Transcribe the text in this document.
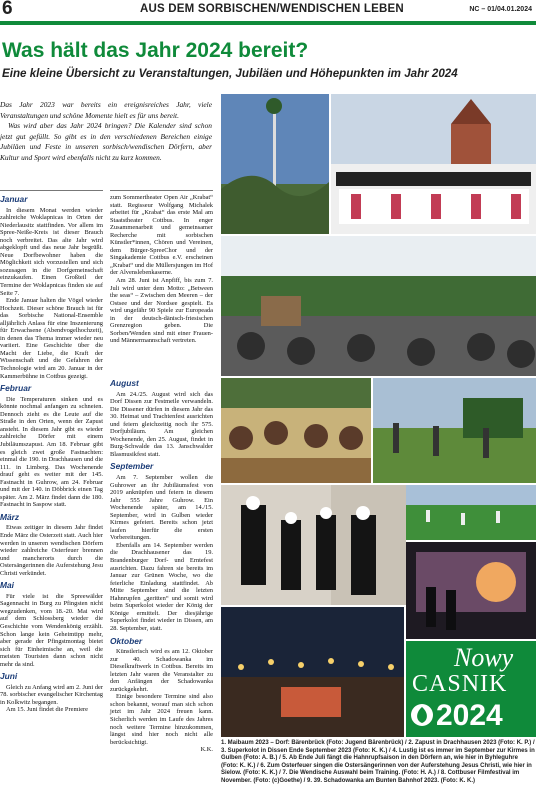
6	AUS DEM SORBISCHEN/WENDISCHEN LEBEN	NC – 01/04.01.2024
Was hält das Jahr 2024 bereit?
Eine kleine Übersicht zu Veranstaltungen, Jubiläen und Höhepunkten im Jahr 2024

Das Jahr 2023 war bereits ein ereignisreiches Jahr, viele Veranstaltungen und schöne Momente hielt es für uns bereit.

Was wird aber das Jahr 2024 bringen? Die Kalender sind schon jetzt gut gefüllt. So gibt es in den verschiedenen Bereichen einige Jubiläen und Feste in unseren sorbisch/wendischen Dörfern, aber Kultur und Sport wird ebenfalls nicht zu kurz kommen.

Januar

In diesem Monat werden wieder zahlreiche Woklapnicas in Orten der Niederlausitz stattfinden. Vor allem im Spree-Neiße-Kreis ist dieser Brauch noch verbreitet. Das alte Jahr wird abgeklopft und das neue Jahr begrüßt. Neue Dorfbewohner haben die Möglichkeit sich vorzustellen und sich sozusagen in die Dorfgemeinschaft einzukaufen. Einen Großteil der Termine der Woklapnicas finden sie auf Seite 7.

Ende Januar halten die Vögel wieder Hochzeit. Dieser schöne Brauch ist für das Sorbische National-Ensemble alljährlich Anlass für eine Inszenierung für Erwachsene (Abendvogelhochzeit), in denen das Thema immer wieder neu variiert. Eine Geschichte über die Macht der Liebe, die Kraft der Wissenschaft und die Gefahren der Technologie wird am 20. Januar in der Kammerbühne in Cottbus gezeigt.

Februar

Die Temperaturen sinken und es könnte nochmal anfangen zu schneien. Dennoch zieht es die Leute auf die Straße in den Orten, wenn der Zapust ansteht. In diesem Jahr gibt es wieder zahlreiche Dörfer mit einem Jubiläumszapust. Am 18. Februar gibt es gleich zwei große Fastnachten: einmal die 190. in Drachhausen und die 111. in Limberg. Das Wochenende drauf geht es weiter mit der 145. Fastnacht in Guhrow, am 24. Februar und mit der 140. in Döbbrick einen Tag später. Am 2. März findet dann die 180. Fastnacht in Saspow statt.

März

Etwas zeitiger in diesem Jahr findet Ende März die Osterzeit statt. Auch hier werden in unseren wendischen Dörfern wieder zahlreiche Osterfeuer brennen und mancherorts durch die Ostersängerinnen die Auferstehung Jesu Christi verkündet.

Mai

Für viele ist die Spreewälder Sagennacht in Burg zu Pfingsten nicht wegzudenken, vom 18.-20. Mai wird auf dem Schlossberg wieder die Geschichte vom Wendenkönig erzählt. Schon lange kein Geheimtipp mehr, aber gerade der Pfingstmontag bietet sich für Einheimische an, weil die meisten Touristen dann schon nicht mehr da sind.

Juni

Gleich zu Anfang wird am 2. Juni der 78. sorbischer evangelischer Kirchentag in Kolkwitz begangen.

Am 15. Juni findet die Premiere

zum Sommertheater Open Air „Krabat“ statt. Regisseur Wolfgang Michalek arbeitet für „Krabat“ das erste Mal am Staatstheater Cottbus. In enger Zusammenarbeit und gemeinsamer Recherche mit sorbischen Künstler*innen, Chören und Vereinen, dem Bürger-SpreeChor und der Singakademie Cottbus e.V. erscheinen „Krabat“ und die Müllersjungen im Hof der Alvenslebenkaserne.

Am 28. Juni ist Anpfiff, bis zum 7. Juli wird unter dem Motto: „Between the seas“ – Zwischen den Meeren – der Ostsee und der Nordsee gespielt. Es wird ungefähr 90 Spiele zur Europeada in der deutsch-dänisch-friesischen Grenzregion geben. Die Sorben/Wenden sind mit einer Frauen- und Männermannschaft vertreten.

August

Am 24./25. August wird sich das Dorf Dissen zur Festmeile verwandeln. Die Dissener dürfen in diesem Jahr das 30. Heimat und Trachtenfest ausrichten und feiern gleichzeitig noch ihr 575. Dorfjubiläum. Am gleichen Wochenende, den 25. August, findet in Burg-Schwalde das 13. Janschwalder Blasmusikfest statt.

September

Am 7. September wollen die Guhrower an ihr Jubiläumsfest von 2019 anknüpfen und feiern in diesem Jahr 555 Jahre Guhrow. Ein Wochenende später, am 14./15. September, wird in Gulben wieder Kirmes gefeiert. Bereits schon jetzt laufen hierfür die ersten Vorbereitungen.

Ebenfalls am 14. September werden die Drachhausener das 19. Brandenburger Dorf- und Erntefest ausrichten. Dazu fahren sie bereits im Januar zur Grünen Woche, wo die feierliche Einladung stattfindet. Ab Mitte September sind die letzten Hahnrupfen „geritten“ und somit wird beim Superkolot wieder der König der Könige ermittelt. Der diesjährige Superkolot findet wieder in Dissen, am 28. September, statt.

Oktober

Künstlerisch wird es am 12. Oktober zur 40. Schadowanka im Dieselkraftwerk in Cottbus. Bereits im letzten Jahr waren die Veranstalter zu den Anfängen der Schadowanka zurückgekehrt.

Einige besondere Termine sind also schon bekannt, worauf man sich schon jetzt im Jahr 2024 freuen kann. Sicherlich werden im Laufe des Jahres noch weitere Termine hinzukommen, längst sind hier noch nicht alle berücksichtigt.

K.K.

Nowy
CASNIK
2024
1. Maibaum 2023 – Dorf: Bärenbrück (Foto: Jugend Bärenbrück) / 2. Zapust in Drachhausen 2023 (Foto: K. P.) / 3. Superkolot in Dissen Ende September 2023 (Foto: K. K.) / 4. Lustig ist es immer im September zur Kirmes in Gulben (Foto: A. B.) / 5. Ab Ende Juli fängt die Hahnrupfsaison in den Dörfern an, wie hier in Byhleguhre (Foto: K. K.) / 6. Zum Osterfeuer singen die Ostersängerinnen von der Auferstehung Jesus Christi, wie hier in Sielow. (Foto: K. K.) / 7. Die Wendische Auswahl beim Training. (Foto: H. A.) / 8. Cottbuser Filmfestival im November. (Foto: (c)Goethe) / 9. 39. Schadowanka am Bunten Bahnhof 2023. (Foto: K. K.)
